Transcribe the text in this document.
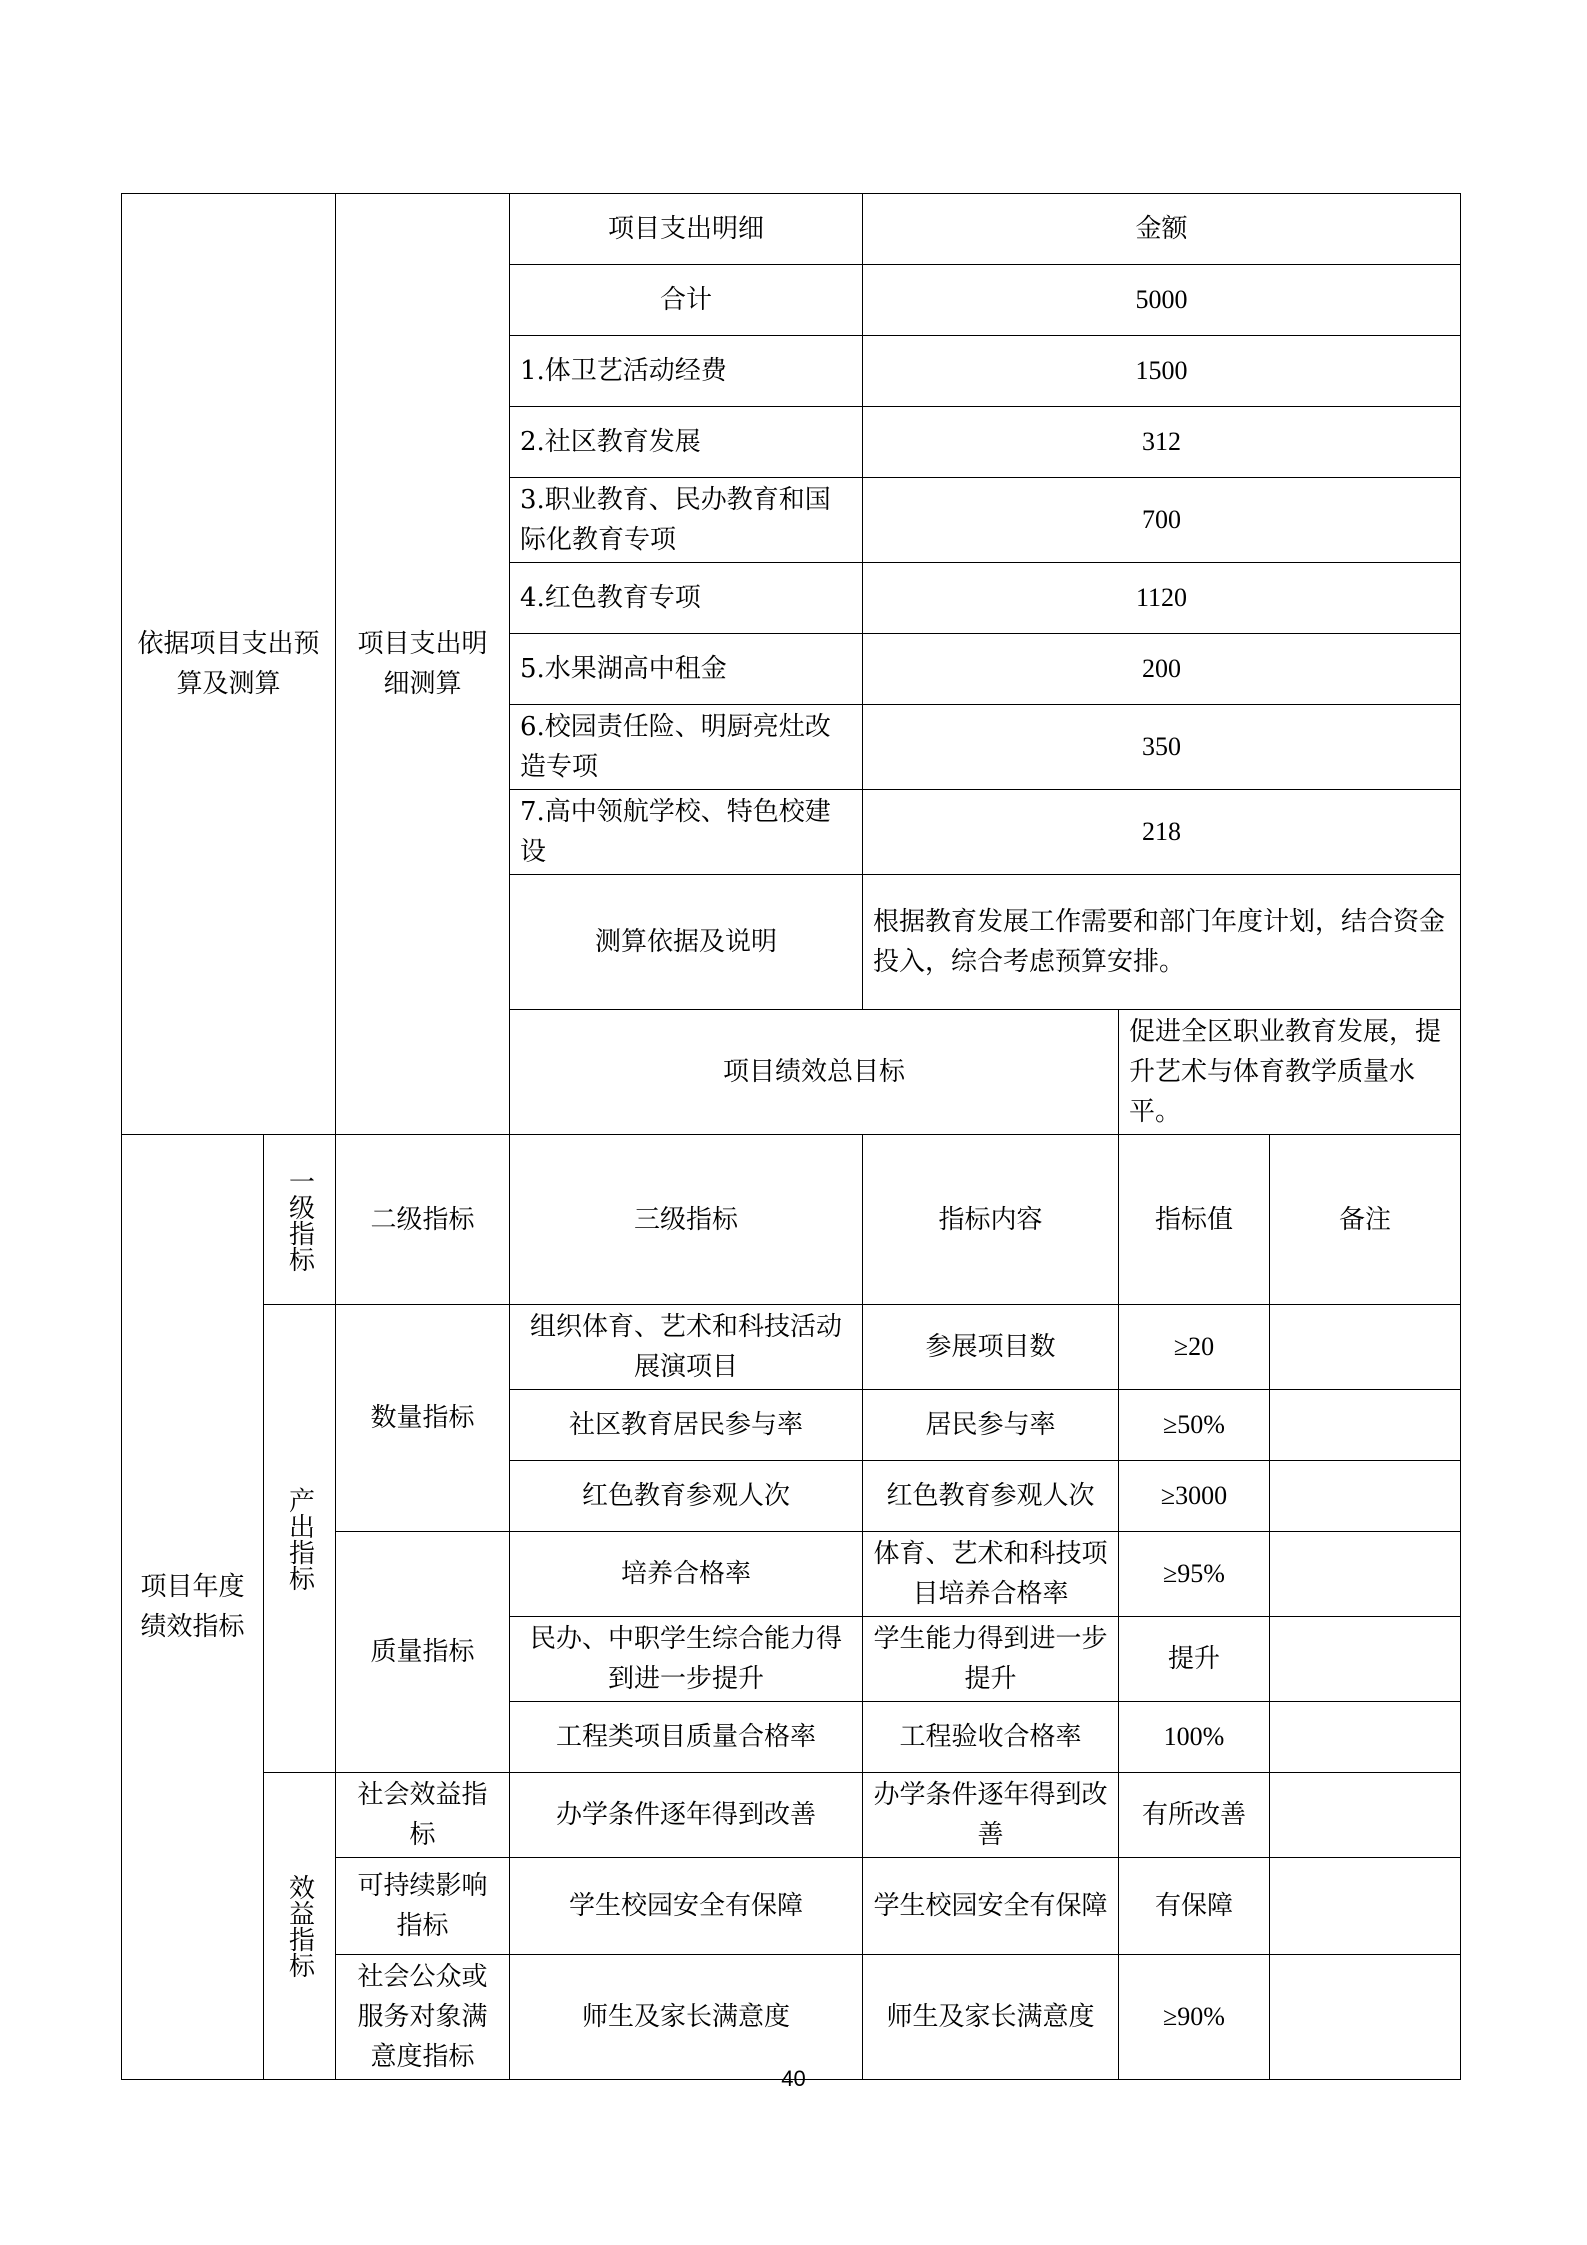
依据项目支出预算及测算		项目支出明细测算	项目支出明细	金额		
			合计	5000		
			1.体卫艺活动经费	1500		
			2.社区教育发展	312		
			3.职业教育、民办教育和国际化教育专项	700		
			4.红色教育专项	1120		
			5.水果湖高中租金	200		
			6.校园责任险、明厨亮灶改造专项	350		
			7.高中领航学校、特色校建设	218		
			测算依据及说明	根据教育发展工作需要和部门年度计划，结合资金投入，综合考虑预算安排。		
			项目绩效总目标		促进全区职业教育发展，提升艺术与体育教学质量水平。	
项目年度绩效指标	一级指标	二级指标	三级指标	指标内容	指标值	备注

	产出指标	数量指标	组织体育、艺术和科技活动展演项目	参展项目数	≥20	
			社区教育居民参与率	居民参与率	≥50%	
			红色教育参观人次	红色教育参观人次	≥3000	
		质量指标	培养合格率	体育、艺术和科技项目培养合格率	≥95%	
			民办、中职学生综合能力得到进一步提升	学生能力得到进一步提升	提升	
			工程类项目质量合格率	工程验收合格率	100%	

	效益指标	社会效益指标	办学条件逐年得到改善	办学条件逐年得到改善	有所改善	
		可持续影响指标	学生校园安全有保障	学生校园安全有保障	有保障	
		社会公众或服务对象满意度指标	师生及家长满意度	师生及家长满意度	≥90%	
40
